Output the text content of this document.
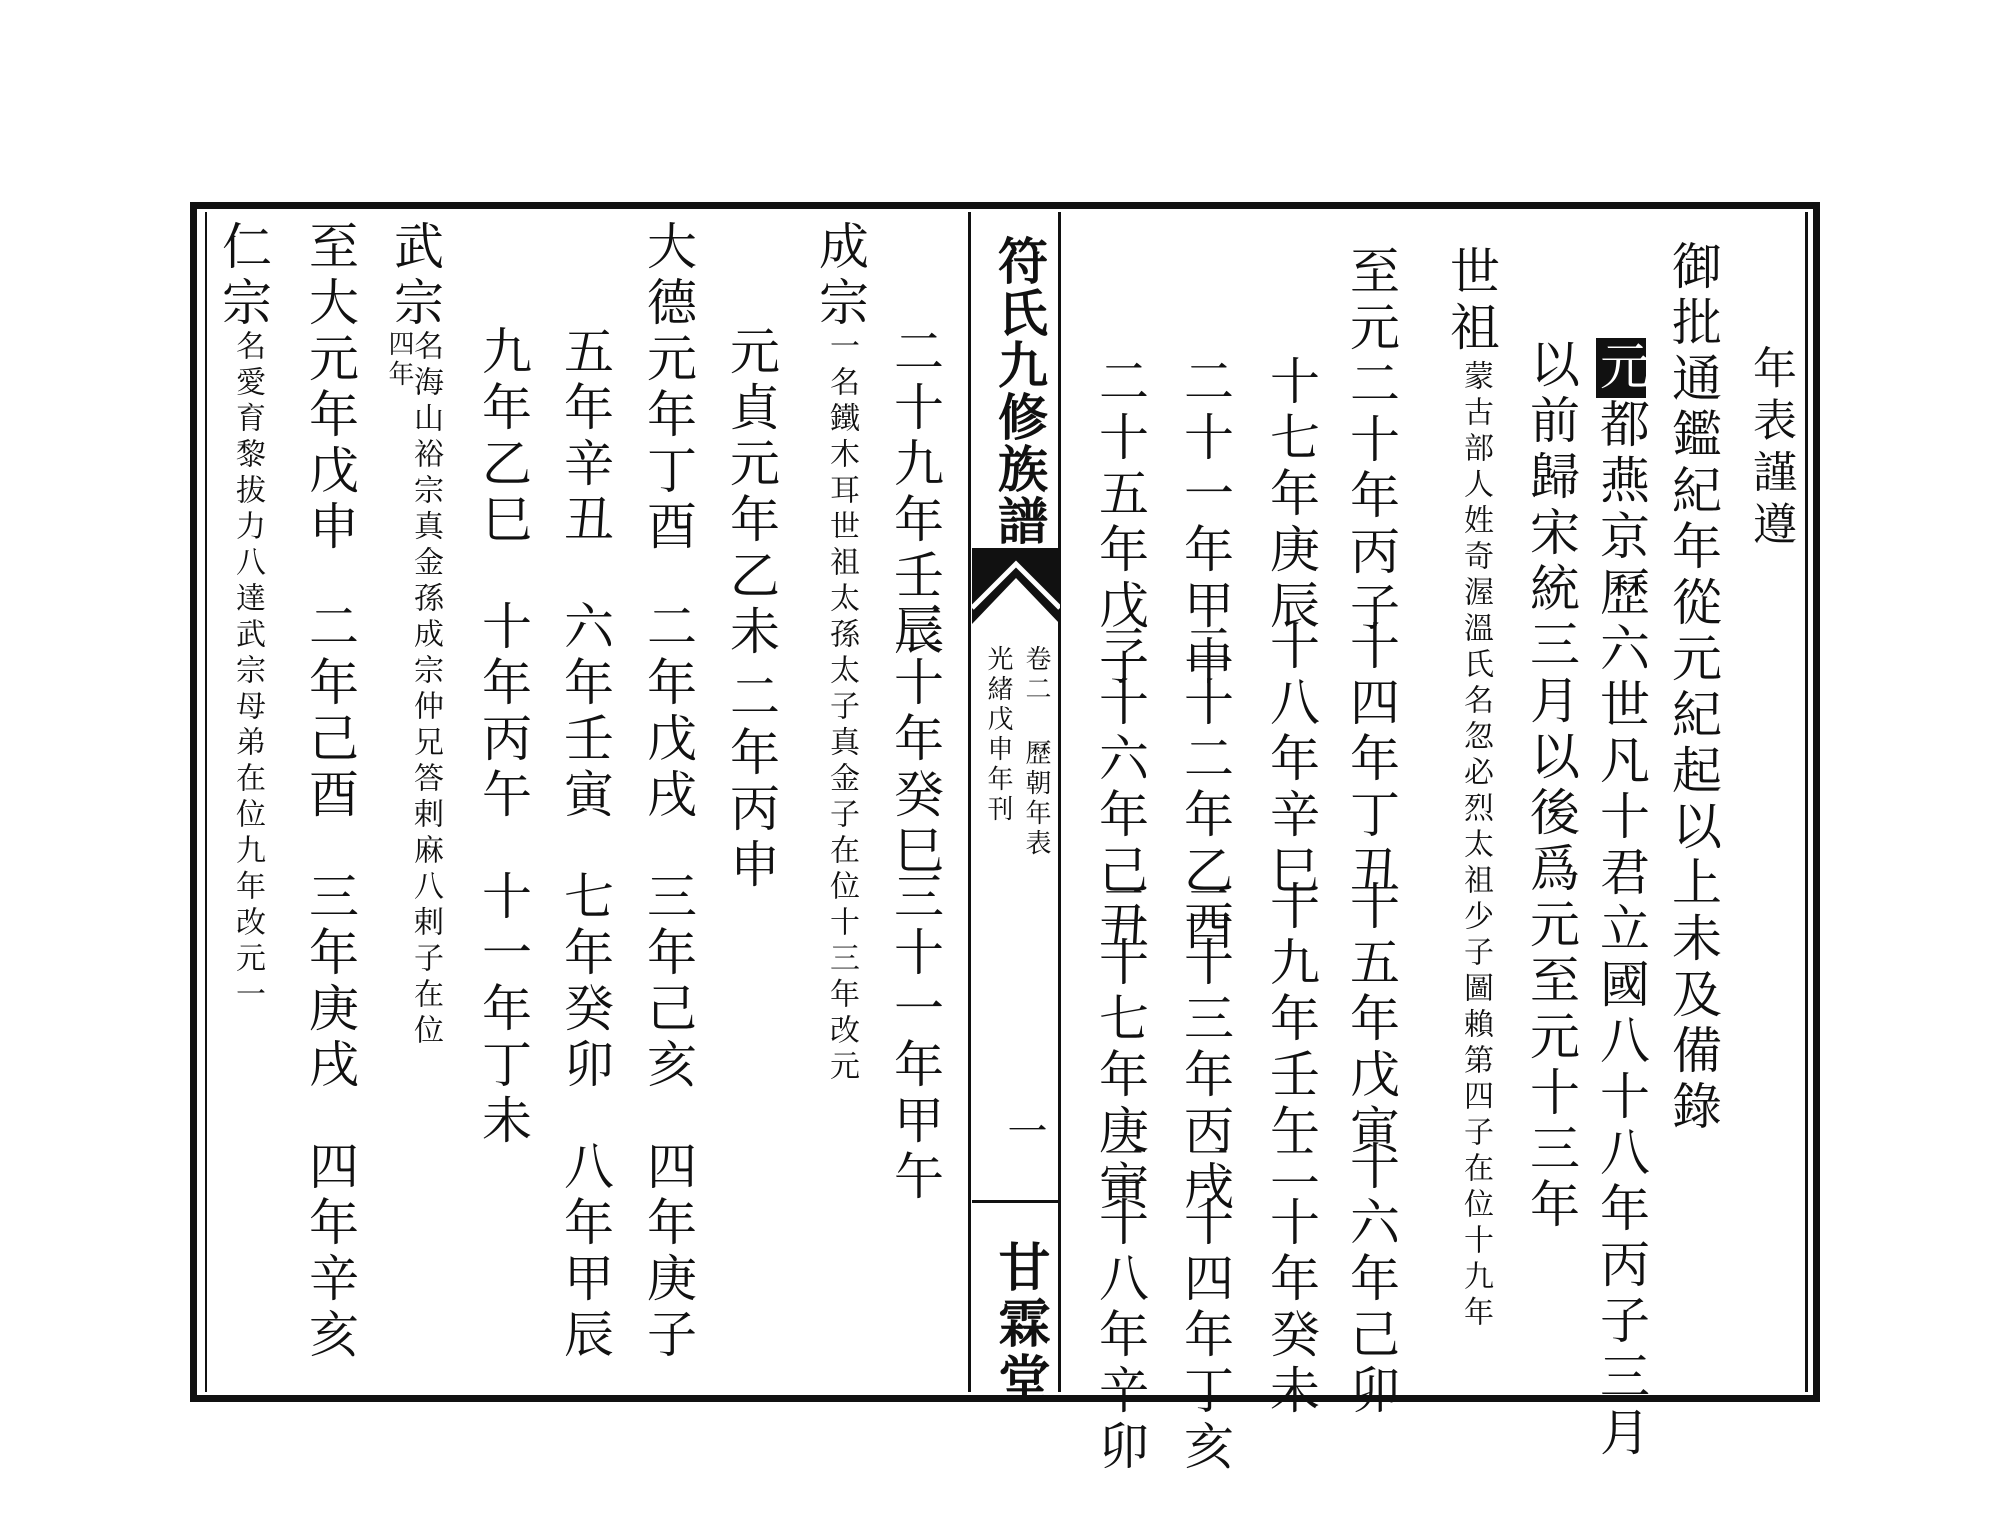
符氏九修族譜
卷二 歷朝年表
光緒戊申年刊
一
甘霖堂
年表謹遵
御批通鑑紀年從元紀起以上未及備錄
元
都燕京歷六世凡十君立國八十八年丙子三月
以前歸宋統三月以後爲元至元十三年
世祖
蒙古部人姓奇渥溫氏名忽必烈太祖少子圖賴第四子在位十九年
至元二十年丙子
十四年丁丑
十五年戊寅
十六年己卯
十七年庚辰
十八年辛巳
十九年壬午
二十年癸未
二十一年甲申
二十二年乙酉
二十三年丙戌
二十四年丁亥
二十五年戊子
二十六年己丑
二十七年庚寅
二十八年辛卯
二十九年壬辰
三十年癸巳
三十一年甲午
成宗
一名鐵木耳世祖太孫太子真金子在位十三年改元
元貞元年乙未
二年丙申
大德元年丁酉
二年戊戌
三年己亥
四年庚子
五年辛丑
六年壬寅
七年癸卯
八年甲辰
九年乙巳
十年丙午
十一年丁未
武宗
四年
名海山裕宗真金孫成宗仲兄答剌麻八剌子在位
至大元年戊申
二年己酉
三年庚戌
四年辛亥
仁宗
名愛育黎拔力八達武宗母弟在位九年改元一
